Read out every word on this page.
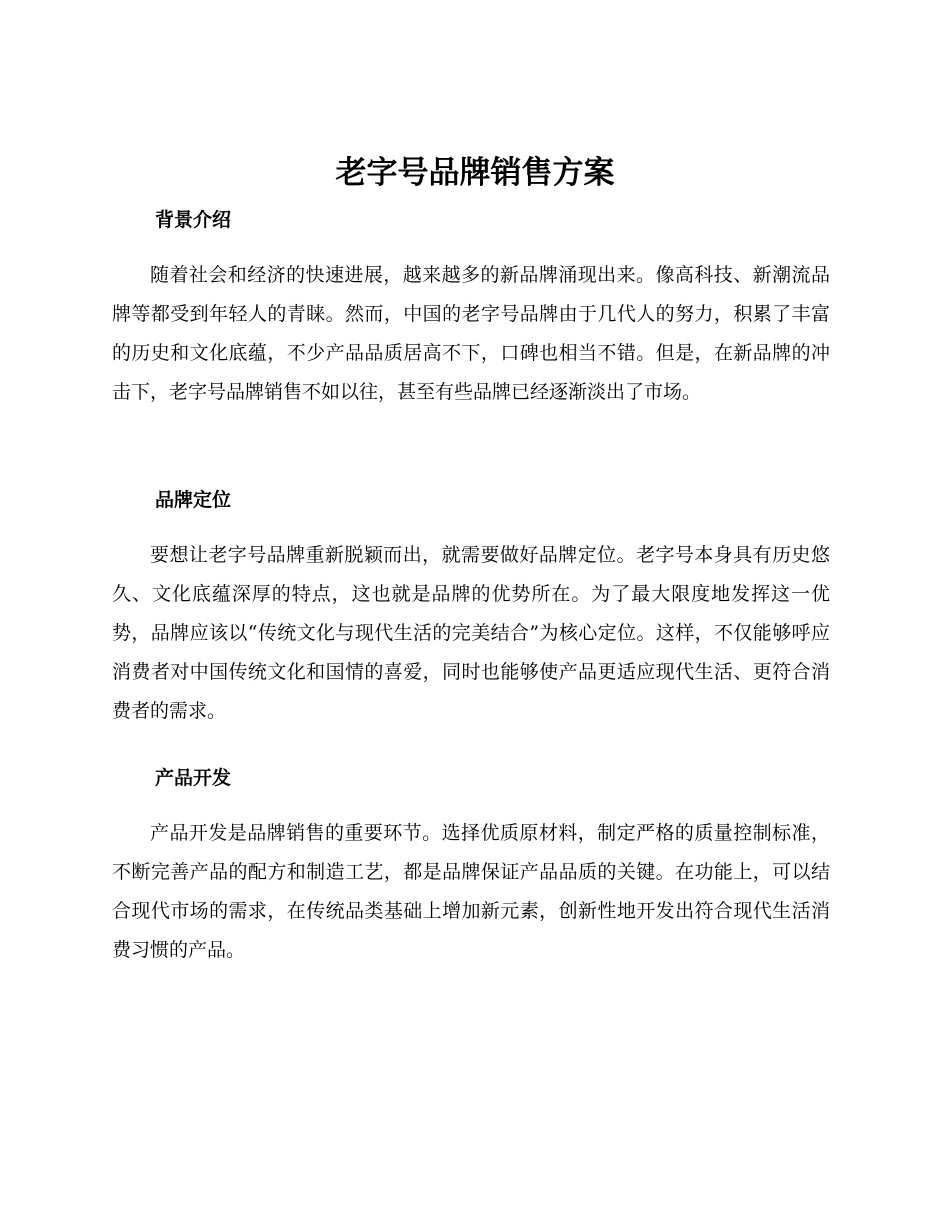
老字号品牌销售方案
背景介绍

随着社会和经济的快速进展，越来越多的新品牌涌现出来。像高科技、新潮流品牌等都受到年轻人的青睐。然而，中国的老字号品牌由于几代人的努力，积累了丰富的历史和文化底蕴，不少产品品质居高不下，口碑也相当不错。但是，在新品牌的冲击下，老字号品牌销售不如以往，甚至有些品牌已经逐渐淡出了市场。

品牌定位

要想让老字号品牌重新脱颖而出，就需要做好品牌定位。老字号本身具有历史悠久、文化底蕴深厚的特点，这也就是品牌的优势所在。为了最大限度地发挥这一优势，品牌应该以“传统文化与现代生活的完美结合”为核心定位。这样，不仅能够呼应消费者对中国传统文化和国情的喜爱，同时也能够使产品更适应现代生活、更符合消费者的需求。

产品开发

产品开发是品牌销售的重要环节。选择优质原材料，制定严格的质量控制标准，不断完善产品的配方和制造工艺，都是品牌保证产品品质的关键。在功能上，可以结合现代市场的需求，在传统品类基础上增加新元素，创新性地开发出符合现代生活消费习惯的产品。
